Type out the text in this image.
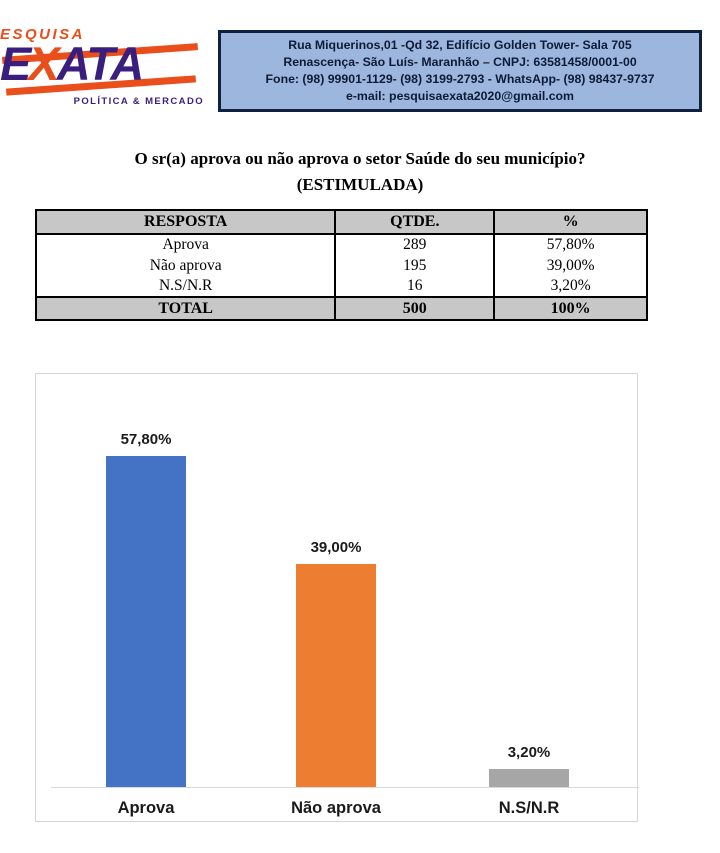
ESQUISA
EXATA
POLÍTICA & MERCADO
Rua Miquerinos,01 -Qd 32, Edifício Golden Tower- Sala 705
Renascença- São Luís- Maranhão – CNPJ: 63581458/0001-00
Fone: (98) 99901-1129- (98) 3199-2793 - WhatsApp- (98) 98437-9737
e-mail: pesquisaexata2020@gmail.com
O sr(a) aprova ou não aprova o setor Saúde do seu município?
(ESTIMULADA)
RESPOSTA	QTDE.	%
Aprova	289	57,80%
Não aprova	195	39,00%
N.S/N.R	16	3,20%
TOTAL	500	100%
57,80%
Aprova
39,00%
Não aprova
3,20%
N.S/N.R
